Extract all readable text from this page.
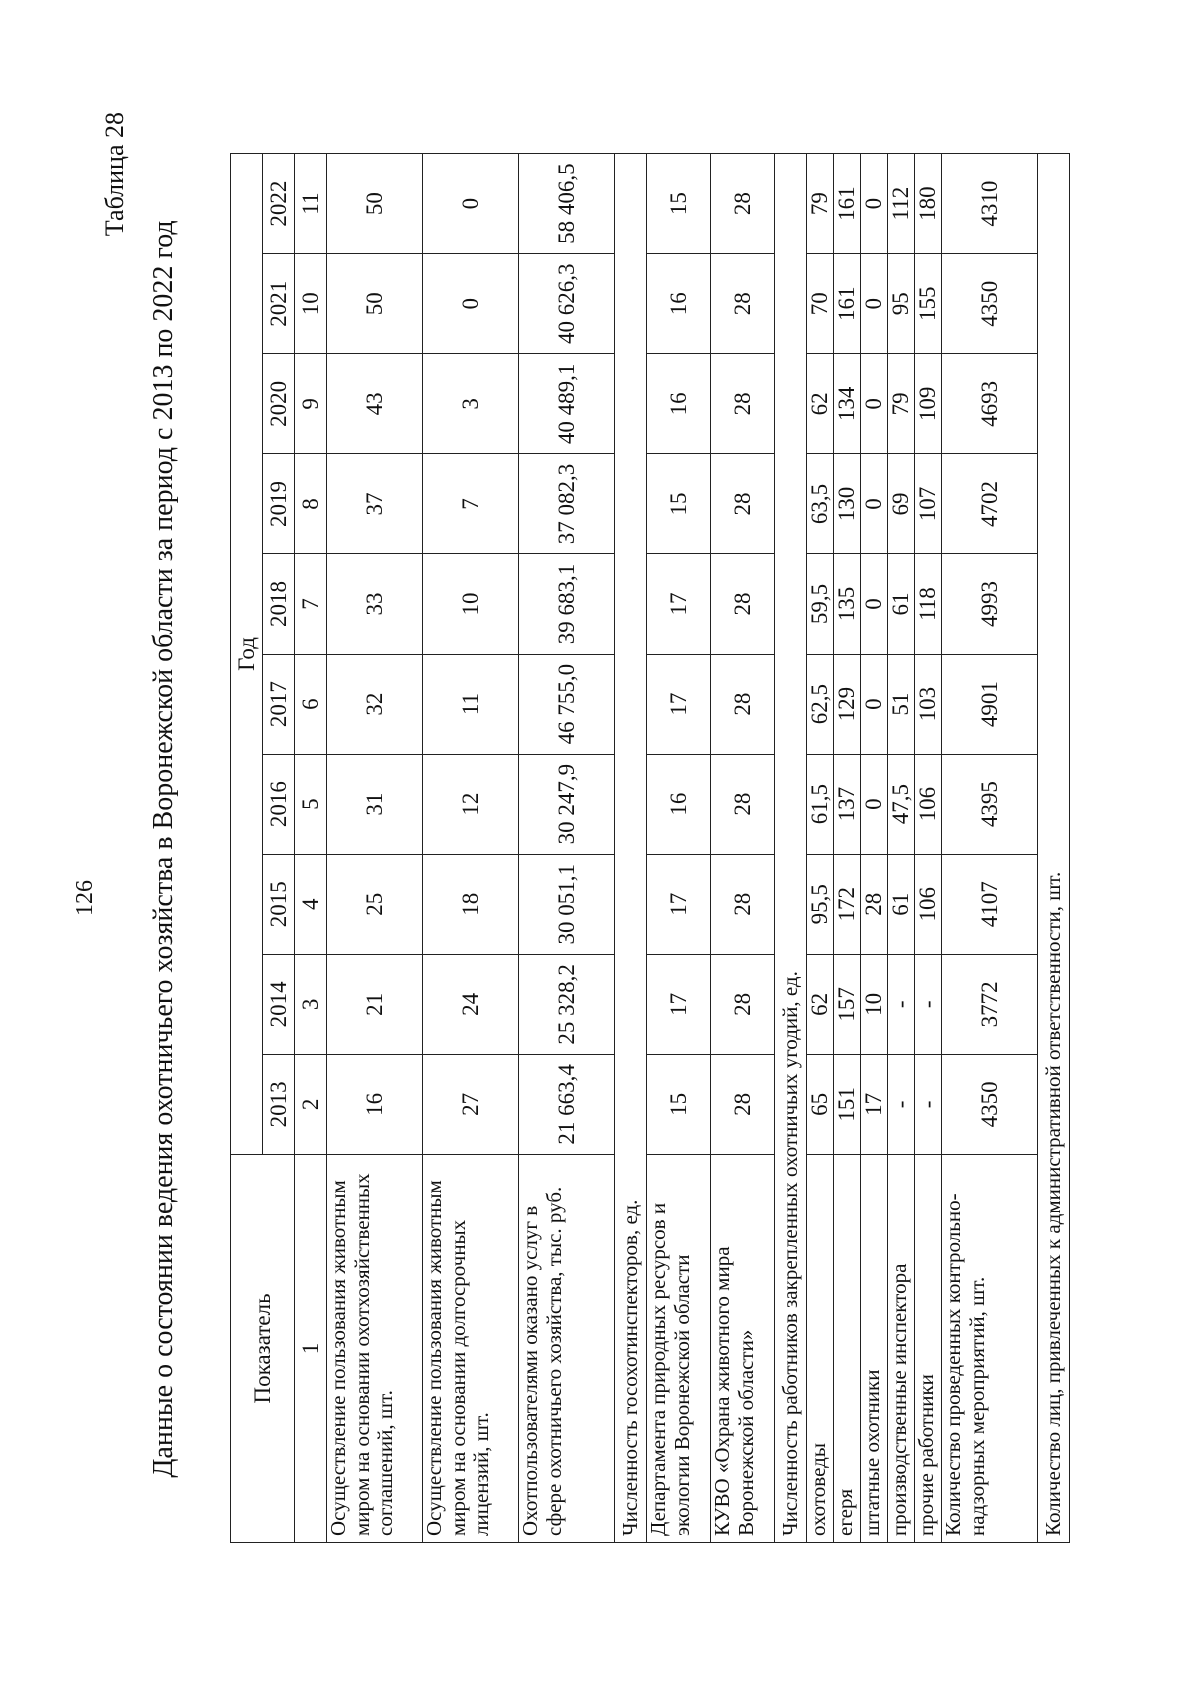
126
Таблица 28
Данные о состоянии ведения охотничьего хозяйства в Воронежской области за период с 2013 по 2022 год	Показатель	Год									
	2013	2014	2015	2016	2017	2018	2019	2020	2021	2022
1	2	3	4	5	6	7	8	9	10	11
Осуществление пользования животным миром на основании охотхозяйственных соглашений, шт.	16	21	25	31	32	33	37	43	50	50
Осуществление пользования животным миром на основании долгосрочных лицензий, шт.	27	24	18	12	11	10	7	3	0	0
Охотпользователями оказано услуг в сфере охотничьего хозяйства, тыс. руб.	21 663,4	25 328,2	30 051,1	30 247,9	46 755,0	39 683,1	37 082,3	40 489,1	40 626,3	58 406,5
Численность госохотинспекторов, ед.										
Департамента природных ресурсов и экологии Воронежской области	15	17	17	16	17	17	15	16	16	15
КУВО «Охрана животного мира Воронежской области»	28	28	28	28	28	28	28	28	28	28
Численность работников закрепленных охотничьих угодий, ед.										
охотоведы	65	62	95,5	61,5	62,5	59,5	63,5	62	70	79
егеря	151	157	172	137	129	135	130	134	161	161
штатные охотники	17	10	28	0	0	0	0	0	0	0
производственные инспектора	-	-	61	47,5	51	61	69	79	95	112
прочие работники	-	-	106	106	103	118	107	109	155	180
Количество проведенных контрольно-надзорных мероприятий, шт.	4350	3772	4107	4395	4901	4993	4702	4693	4350	4310
Количество лиц, привлеченных к административной ответственности, шт.										
